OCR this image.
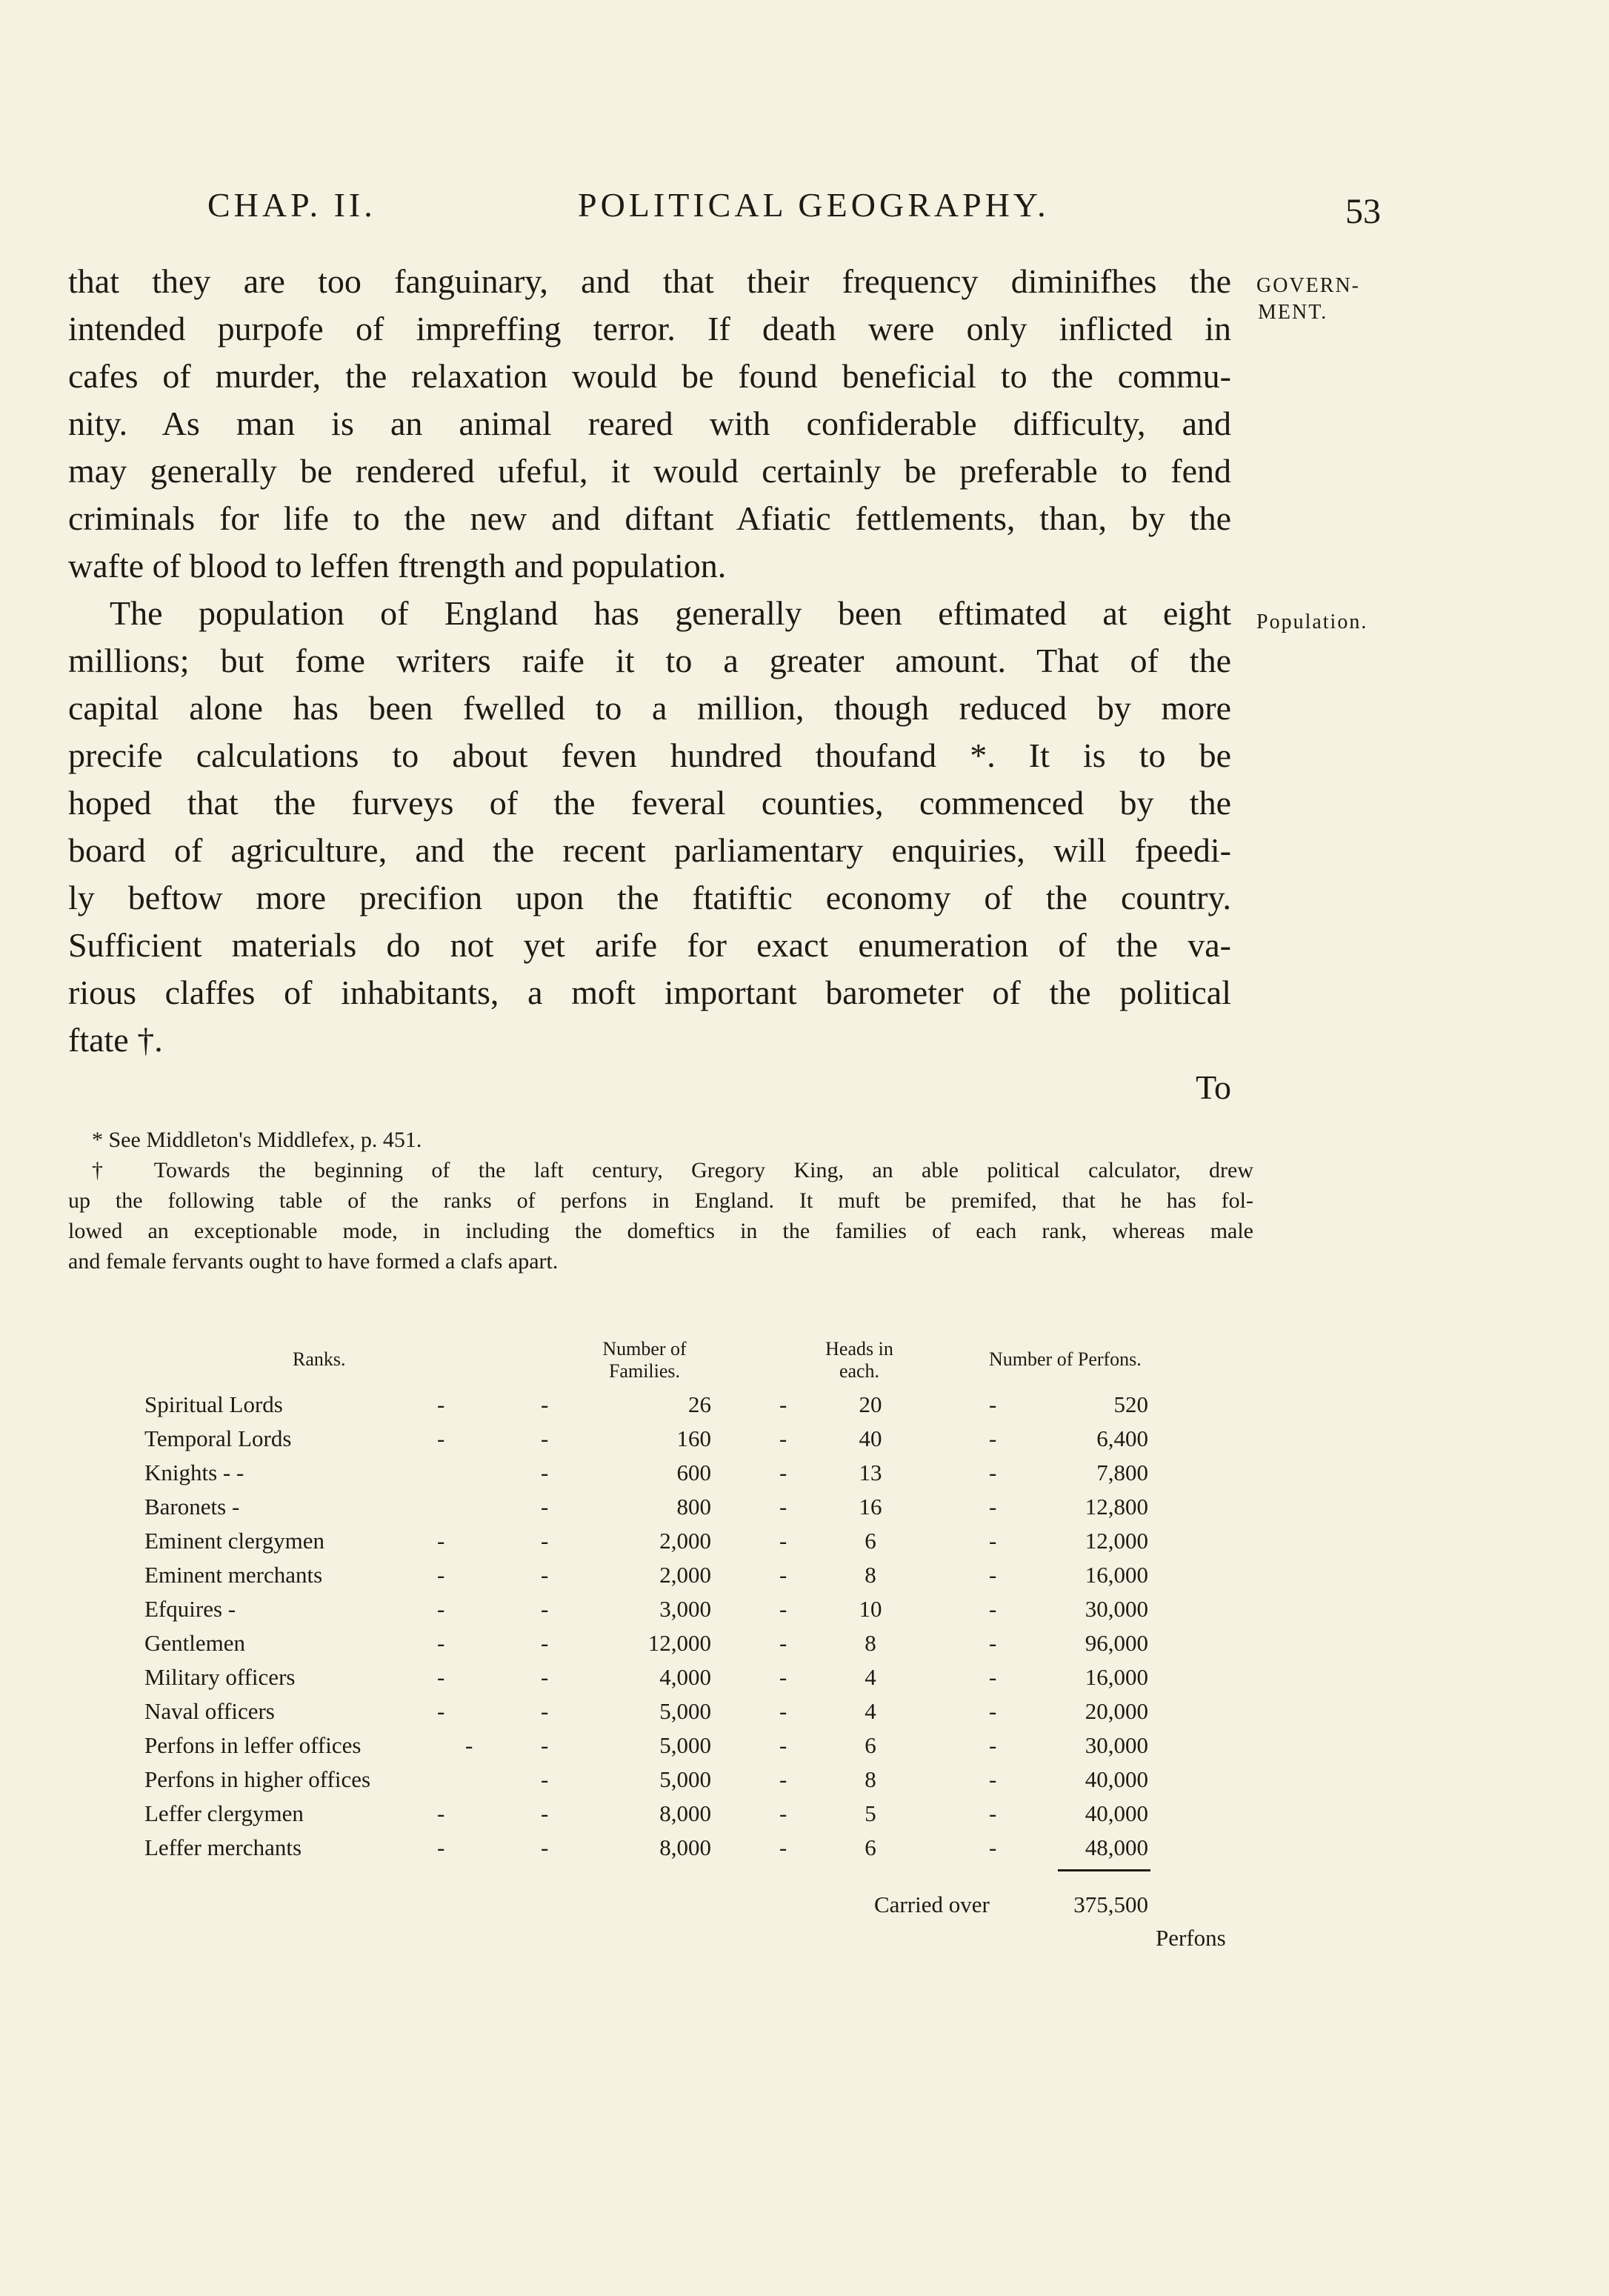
CHAP. II.	POLITICAL GEOGRAPHY.	53
GOVERN-
MENT.
Population.
that they are too fanguinary, and that their frequency diminifhes the
intended purpofe of impreffing terror. If death were only inflicted in
cafes of murder, the relaxation would be found beneficial to the commu-
nity. As man is an animal reared with confiderable difficulty, and
may generally be rendered ufeful, it would certainly be preferable to fend
criminals for life to the new and diftant Afiatic fettlements, than, by the
wafte of blood to leffen ftrength and population.
The population of England has generally been eftimated at eight
millions; but fome writers raife it to a greater amount. That of the
capital alone has been fwelled to a million, though reduced by more
precife calculations to about feven hundred thoufand *. It is to be
hoped that the furveys of the feveral counties, commenced by the
board of agriculture, and the recent parliamentary enquiries, will fpeedi-
ly beftow more precifion upon the ftatiftic economy of the country.
Sufficient materials do not yet arife for exact enumeration of the va-
rious claffes of inhabitants, a moft important barometer of the political
ftate †.
To
* See Middleton's Middlefex, p. 451.
† Towards the beginning of the laft century, Gregory King, an able political calculator, drew
up the following table of the ranks of perfons in England. It muft be premifed, that he has fol-
lowed an exceptionable mode, in including the domeftics in the families of each rank, whereas male
and female fervants ought to have formed a clafs apart.
Ranks.	Number of
Families.
Heads in
each.
Number of Perfons.
Spiritual Lords	-	-	26	-	20	-	520
Temporal Lords	-	-	160	-	40	-	6,400
Knights - -	-	600	-	13	-	7,800
Baronets -	-	800	-	16	-	12,800
Eminent clergymen	-	-	2,000	-	6	-	12,000
Eminent merchants	-	-	2,000	-	8	-	16,000
Efquires -	-	-	3,000	-	10	-	30,000
Gentlemen	-	-	12,000	-	8	-	96,000
Military officers	-	-	4,000	-	4	-	16,000
Naval officers	-	-	5,000	-	4	-	20,000
Perfons in leffer offices	-	-	5,000	-	6	-	30,000
Perfons in higher offices	-	5,000	-	8	-	40,000
Leffer clergymen	-	-	8,000	-	5	-	40,000
Leffer merchants	-	-	8,000	-	6	-	48,000
Carried over	375,500
Perfons
